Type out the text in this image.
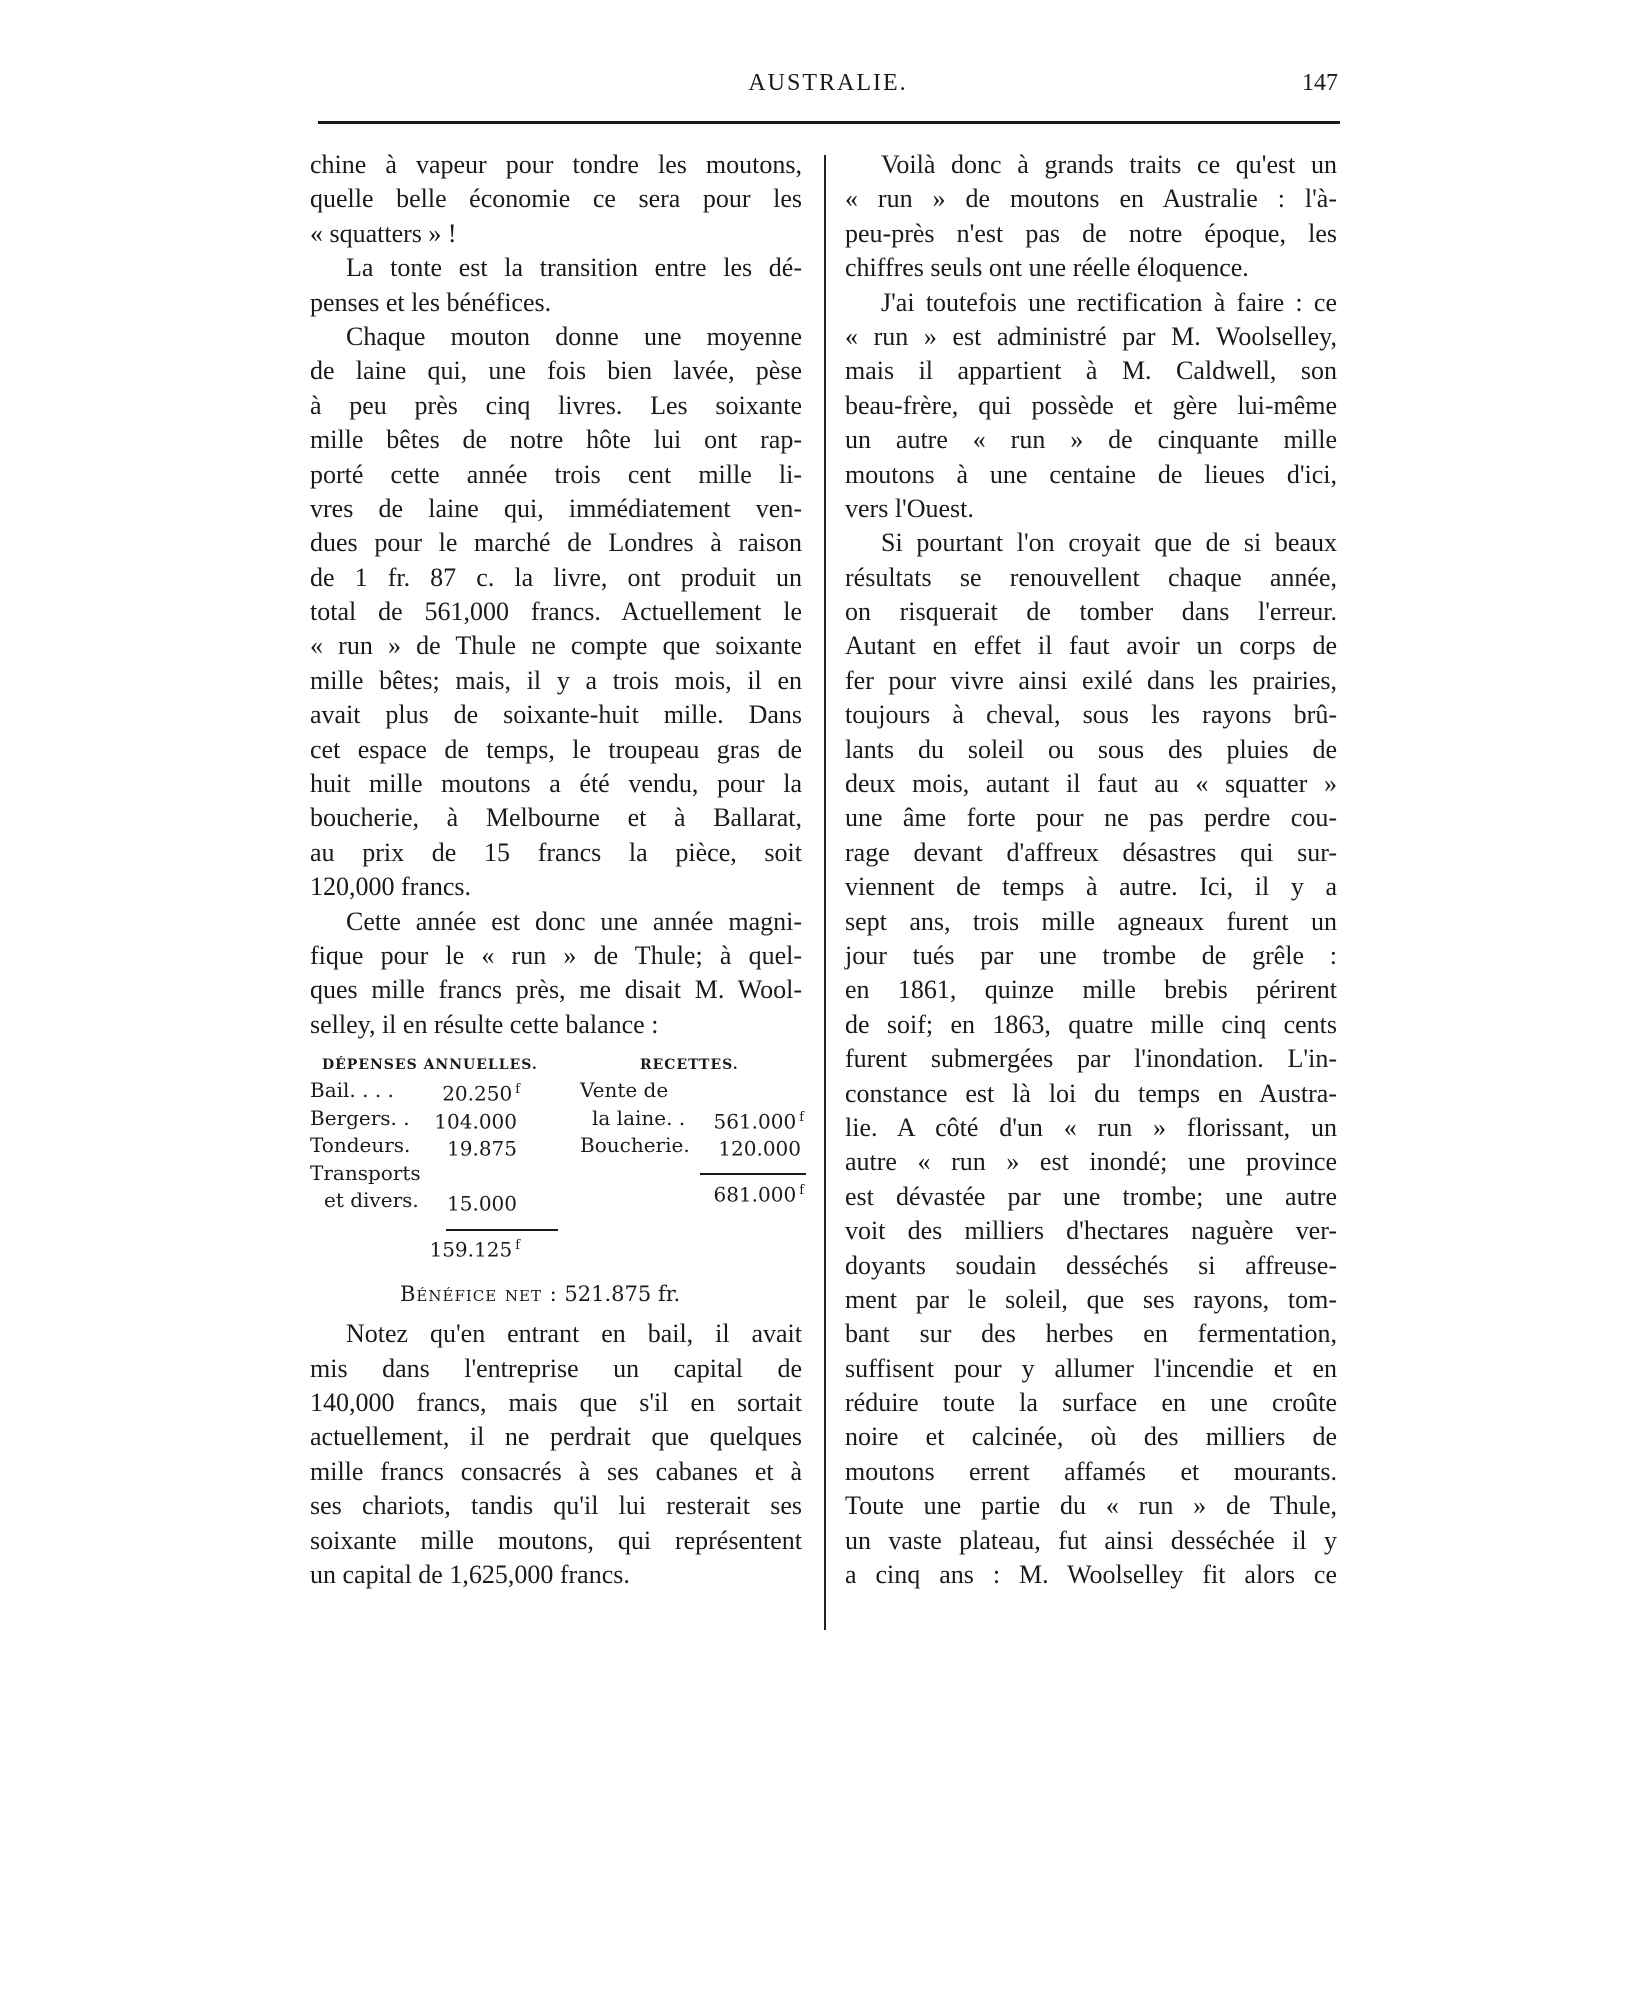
AUSTRALIE.	147
chine à vapeur pour tondre les moutons,
quelle belle économie ce sera pour les
« squatters » !
La tonte est la transition entre les dé-
penses et les bénéfices.
Chaque mouton donne une moyenne
de laine qui, une fois bien lavée, pèse
à peu près cinq livres. Les soixante
mille bêtes de notre hôte lui ont rap-
porté cette année trois cent mille li-
vres de laine qui, immédiatement ven-
dues pour le marché de Londres à raison
de 1 fr. 87 c. la livre, ont produit un
total de 561,000 francs. Actuellement le
« run » de Thule ne compte que soixante
mille bêtes; mais, il y a trois mois, il en
avait plus de soixante-huit mille. Dans
cet espace de temps, le troupeau gras de
huit mille moutons a été vendu, pour la
boucherie, à Melbourne et à Ballarat,
au prix de 15 francs la pièce, soit
120,000 francs.
Cette année est donc une année magni-
fique pour le « run » de Thule; à quel-
ques mille francs près, me disait M. Wool-
selley, il en résulte cette balance :
DÉPENSES ANNUELLES.	RECETTES.
Bail. . . . 20.250 $^f$
Bergers. . 104.000
Tondeurs. 19.875
Transports
et divers. 15.000
Vente de
la laine. . 561.000 $^f$
Boucherie. 120.000
159.125 $^f$
681.000 $^f$
Bénéfice net : 521.875 fr.
Notez qu'en entrant en bail, il avait
mis dans l'entreprise un capital de
140,000 francs, mais que s'il en sortait
actuellement, il ne perdrait que quelques
mille francs consacrés à ses cabanes et à
ses chariots, tandis qu'il lui resterait ses
soixante mille moutons, qui représentent
un capital de 1,625,000 francs.
Voilà donc à grands traits ce qu'est un
« run » de moutons en Australie : l'à-
peu-près n'est pas de notre époque, les
chiffres seuls ont une réelle éloquence.
J'ai toutefois une rectification à faire : ce
« run » est administré par M. Woolselley,
mais il appartient à M. Caldwell, son
beau-frère, qui possède et gère lui-même
un autre « run » de cinquante mille
moutons à une centaine de lieues d'ici,
vers l'Ouest.
Si pourtant l'on croyait que de si beaux
résultats se renouvellent chaque année,
on risquerait de tomber dans l'erreur.
Autant en effet il faut avoir un corps de
fer pour vivre ainsi exilé dans les prairies,
toujours à cheval, sous les rayons brû-
lants du soleil ou sous des pluies de
deux mois, autant il faut au « squatter »
une âme forte pour ne pas perdre cou-
rage devant d'affreux désastres qui sur-
viennent de temps à autre. Ici, il y a
sept ans, trois mille agneaux furent un
jour tués par une trombe de grêle :
en 1861, quinze mille brebis périrent
de soif; en 1863, quatre mille cinq cents
furent submergées par l'inondation. L'in-
constance est là loi du temps en Austra-
lie. A côté d'un « run » florissant, un
autre « run » est inondé; une province
est dévastée par une trombe; une autre
voit des milliers d'hectares naguère ver-
doyants soudain desséchés si affreuse-
ment par le soleil, que ses rayons, tom-
bant sur des herbes en fermentation,
suffisent pour y allumer l'incendie et en
réduire toute la surface en une croûte
noire et calcinée, où des milliers de
moutons errent affamés et mourants.
Toute une partie du « run » de Thule,
un vaste plateau, fut ainsi desséchée il y
a cinq ans : M. Woolselley fit alors ce
